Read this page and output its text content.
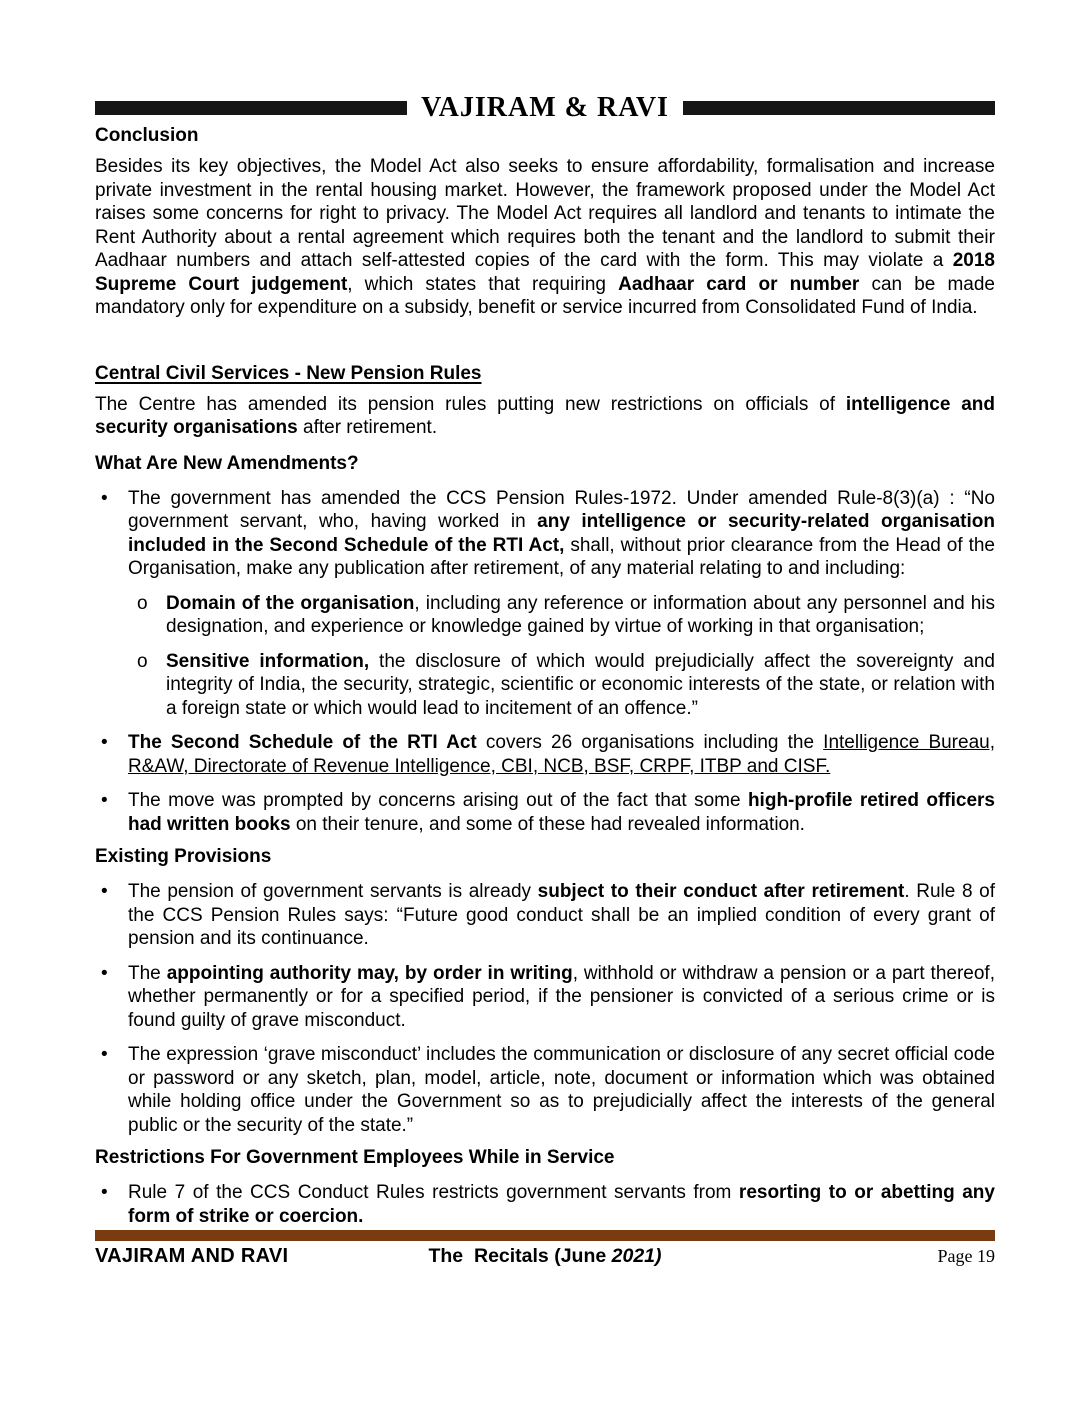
VAJIRAM & RAVI
Conclusion

Besides its key objectives, the Model Act also seeks to ensure affordability, formalisation and increase private investment in the rental housing market. However, the framework proposed under the Model Act raises some concerns for right to privacy. The Model Act requires all landlord and tenants to intimate the Rent Authority about a rental agreement which requires both the tenant and the landlord to submit their Aadhaar numbers and attach self-attested copies of the card with the form. This may violate a 2018 Supreme Court judgement, which states that requiring Aadhaar card or number can be made mandatory only for expenditure on a subsidy, benefit or service incurred from Consolidated Fund of India.

Central Civil Services - New Pension Rules

The Centre has amended its pension rules putting new restrictions on officials of intelligence and security organisations after retirement.

What Are New Amendments?
•	The government has amended the CCS Pension Rules-1972. Under amended Rule-8(3)(a) : “No government servant, who, having worked in any intelligence or security-related organisation included in the Second Schedule of the RTI Act, shall, without prior clearance from the Head of the Organisation, make any publication after retirement, of any material relating to and including:
o Domain of the organisation, including any reference or information about any personnel and his designation, and experience or knowledge gained by virtue of working in that organisation;
o Sensitive information, the disclosure of which would prejudicially affect the sovereignty and integrity of India, the security, strategic, scientific or economic interests of the state, or relation with a foreign state or which would lead to incitement of an offence.”
•	The Second Schedule of the RTI Act covers 26 organisations including the Intelligence Bureau, R&AW, Directorate of Revenue Intelligence, CBI, NCB, BSF, CRPF, ITBP and CISF.
•	The move was prompted by concerns arising out of the fact that some high-profile retired officers had written books on their tenure, and some of these had revealed information.
Existing Provisions
•	The pension of government servants is already subject to their conduct after retirement. Rule 8 of the CCS Pension Rules says: “Future good conduct shall be an implied condition of every grant of pension and its continuance.
•	The appointing authority may, by order in writing, withhold or withdraw a pension or a part thereof, whether permanently or for a specified period, if the pensioner is convicted of a serious crime or is found guilty of grave misconduct.
•	The expression ‘grave misconduct’ includes the communication or disclosure of any secret official code or password or any sketch, plan, model, article, note, document or information which was obtained while holding office under the Government so as to prejudicially affect the interests of the general public or the security of the state.”
Restrictions For Government Employees While in Service
•	Rule 7 of the CCS Conduct Rules restricts government servants from resorting to or abetting any form of strike or coercion.
VAJIRAM AND RAVI	The  Recitals (June 2021)	Page 19
